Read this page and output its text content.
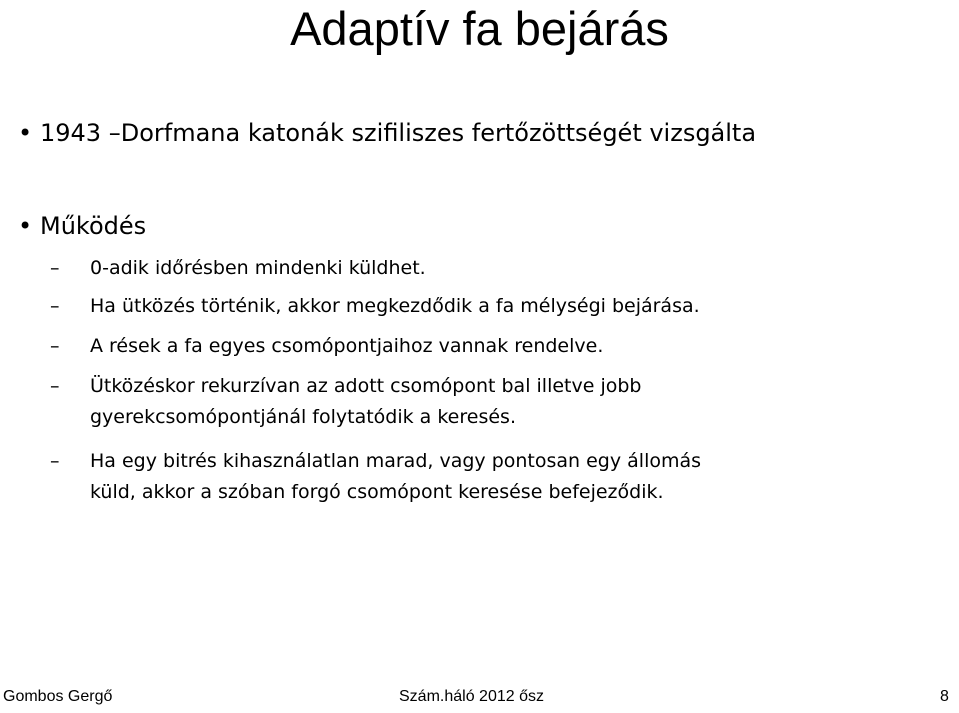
Adaptív fa bejárás
• 1943 –Dorfmana katonák szifiliszes fertőzöttségét vizsgálta
• Működés
– 0-adik időrésben mindenki küldhet.
– Ha ütközés történik, akkor megkezdődik a fa mélységi bejárása.
– A rések a fa egyes csomópontjaihoz vannak rendelve.
– Ütközéskor rekurzívan az adott csomópont bal illetve jobb
gyerekcsomópontjánál folytatódik a keresés.
– Ha egy bitrés kihasználatlan marad, vagy pontosan egy állomás
küld, akkor a szóban forgó csomópont keresése befejeződik.
Gombos Gergő	Szám.háló 2012 ősz	8
